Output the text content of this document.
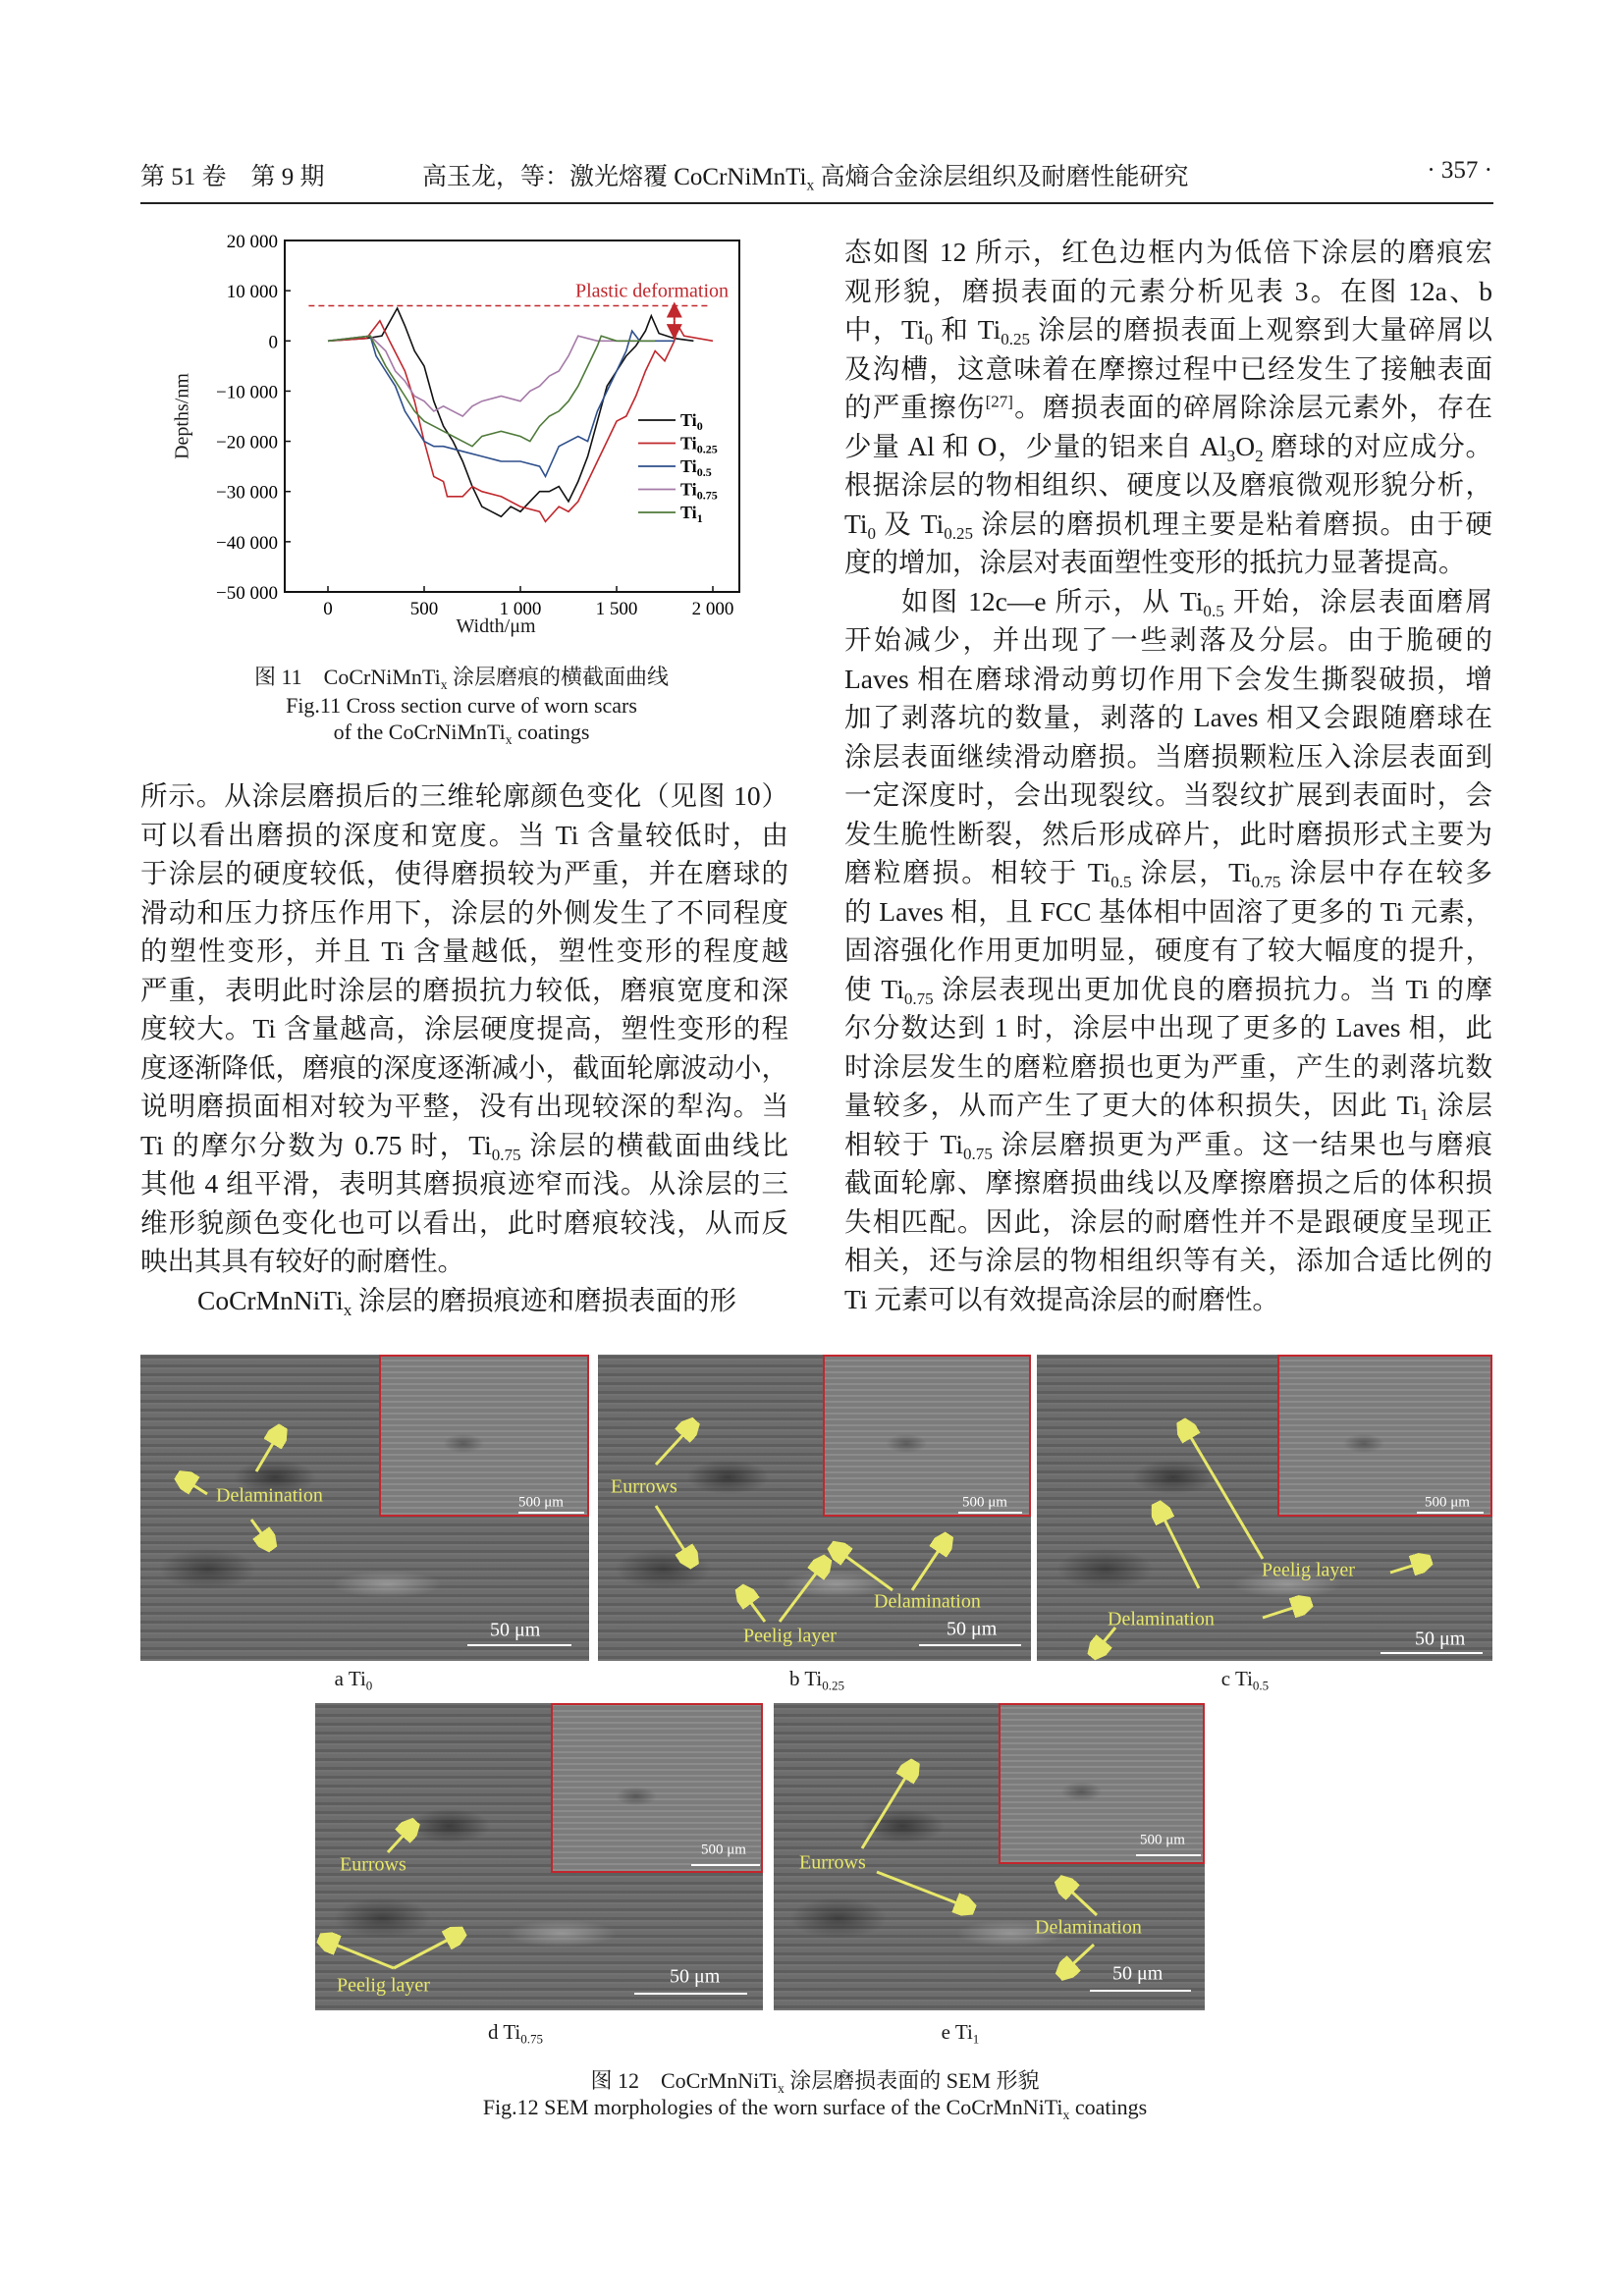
第 51 卷　第 9 期	高玉龙，等：激光熔覆 CoCrNiMnTi$_x$ 高熵合金涂层组织及耐磨性能研究	· 357 ·
20 000
10 000
0
−10 000
−20 000
−30 000
−40 000
−50 000
0	500	1 000	1 500	2 000
$Ti_0$
$Ti_{0.25}$
$Ti_{0.5}$
$Ti_{0.75}$
$Ti_1$
Width/μm
Depths/nm
Plastic deformation
图 11　CoCrNiMnTi$_x$ 涂层磨痕的横截面曲线
Fig.11 Cross section curve of worn scars
of the CoCrNiMnTi$_x$ coatings
所示。从涂层磨损后的三维轮廓颜色变化（见图 10）
可以看出磨损的深度和宽度。当 Ti 含量较低时，由
于涂层的硬度较低，使得磨损较为严重，并在磨球的
滑动和压力挤压作用下，涂层的外侧发生了不同程度
的塑性变形，并且 Ti 含量越低，塑性变形的程度越
严重，表明此时涂层的磨损抗力较低，磨痕宽度和深
度较大。Ti 含量越高，涂层硬度提高，塑性变形的程
度逐渐降低，磨痕的深度逐渐减小，截面轮廓波动小，
说明磨损面相对较为平整，没有出现较深的犁沟。当
Ti 的摩尔分数为 0.75 时，$Ti_{0.75}$ 涂层的横截面曲线比
其他 4 组平滑，表明其磨损痕迹窄而浅。从涂层的三
维形貌颜色变化也可以看出，此时磨痕较浅，从而反
映出其具有较好的耐磨性。
CoCrMnNiTi$_x$ 涂层的磨损痕迹和磨损表面的形
态如图 12 所示，红色边框内为低倍下涂层的磨痕宏
观形貌，磨损表面的元素分析见表 3。在图 12a、b
中，$Ti_0$ 和 $Ti_{0.25}$ 涂层的磨损表面上观察到大量碎屑以
及沟槽，这意味着在摩擦过程中已经发生了接触表面
的严重擦伤[27]。磨损表面的碎屑除涂层元素外，存在
少量 Al 和 O，少量的铝来自 $Al_3O_2$ 磨球的对应成分。
根据涂层的物相组织、硬度以及磨痕微观形貌分析，
$Ti_0$ 及 $Ti_{0.25}$ 涂层的磨损机理主要是粘着磨损。由于硬
度的增加，涂层对表面塑性变形的抵抗力显著提高。
如图 12c—e 所示，从 $Ti_{0.5}$ 开始，涂层表面磨屑
开始减少，并出现了一些剥落及分层。由于脆硬的
Laves 相在磨球滑动剪切作用下会发生撕裂破损，增
加了剥落坑的数量，剥落的 Laves 相又会跟随磨球在
涂层表面继续滑动磨损。当磨损颗粒压入涂层表面到
一定深度时，会出现裂纹。当裂纹扩展到表面时，会
发生脆性断裂，然后形成碎片，此时磨损形式主要为
磨粒磨损。相较于 $Ti_{0.5}$ 涂层，$Ti_{0.75}$ 涂层中存在较多
的 Laves 相，且 FCC 基体相中固溶了更多的 Ti 元素，
固溶强化作用更加明显，硬度有了较大幅度的提升，
使 $Ti_{0.75}$ 涂层表现出更加优良的磨损抗力。当 Ti 的摩
尔分数达到 1 时，涂层中出现了更多的 Laves 相，此
时涂层发生的磨粒磨损也更为严重，产生的剥落坑数
量较多，从而产生了更大的体积损失，因此 $Ti_1$ 涂层
相较于 $Ti_{0.75}$ 涂层磨损更为严重。这一结果也与磨痕
截面轮廓、摩擦磨损曲线以及摩擦磨损之后的体积损
失相匹配。因此，涂层的耐磨性并不是跟硬度呈现正
相关，还与涂层的物相组织等有关，添加合适比例的
Ti 元素可以有效提高涂层的耐磨性。
500 μm
Delamination
50 μm
a $Ti_0$
500 μm
Eurrows
Peelig layer
Delamination
50 μm
b $Ti_{0.25}$
500 μm
Peelig layer
Delamination
50 μm
c $Ti_{0.5}$
500 μm
Eurrows
Peelig layer	50 μm
d $Ti_{0.75}$
500 μm
Eurrows
Delamination
50 μm
e $Ti_1$
图 12　CoCrMnNiTi$_x$ 涂层磨损表面的 SEM 形貌
Fig.12 SEM morphologies of the worn surface of the CoCrMnNiTi$_x$ coatings
